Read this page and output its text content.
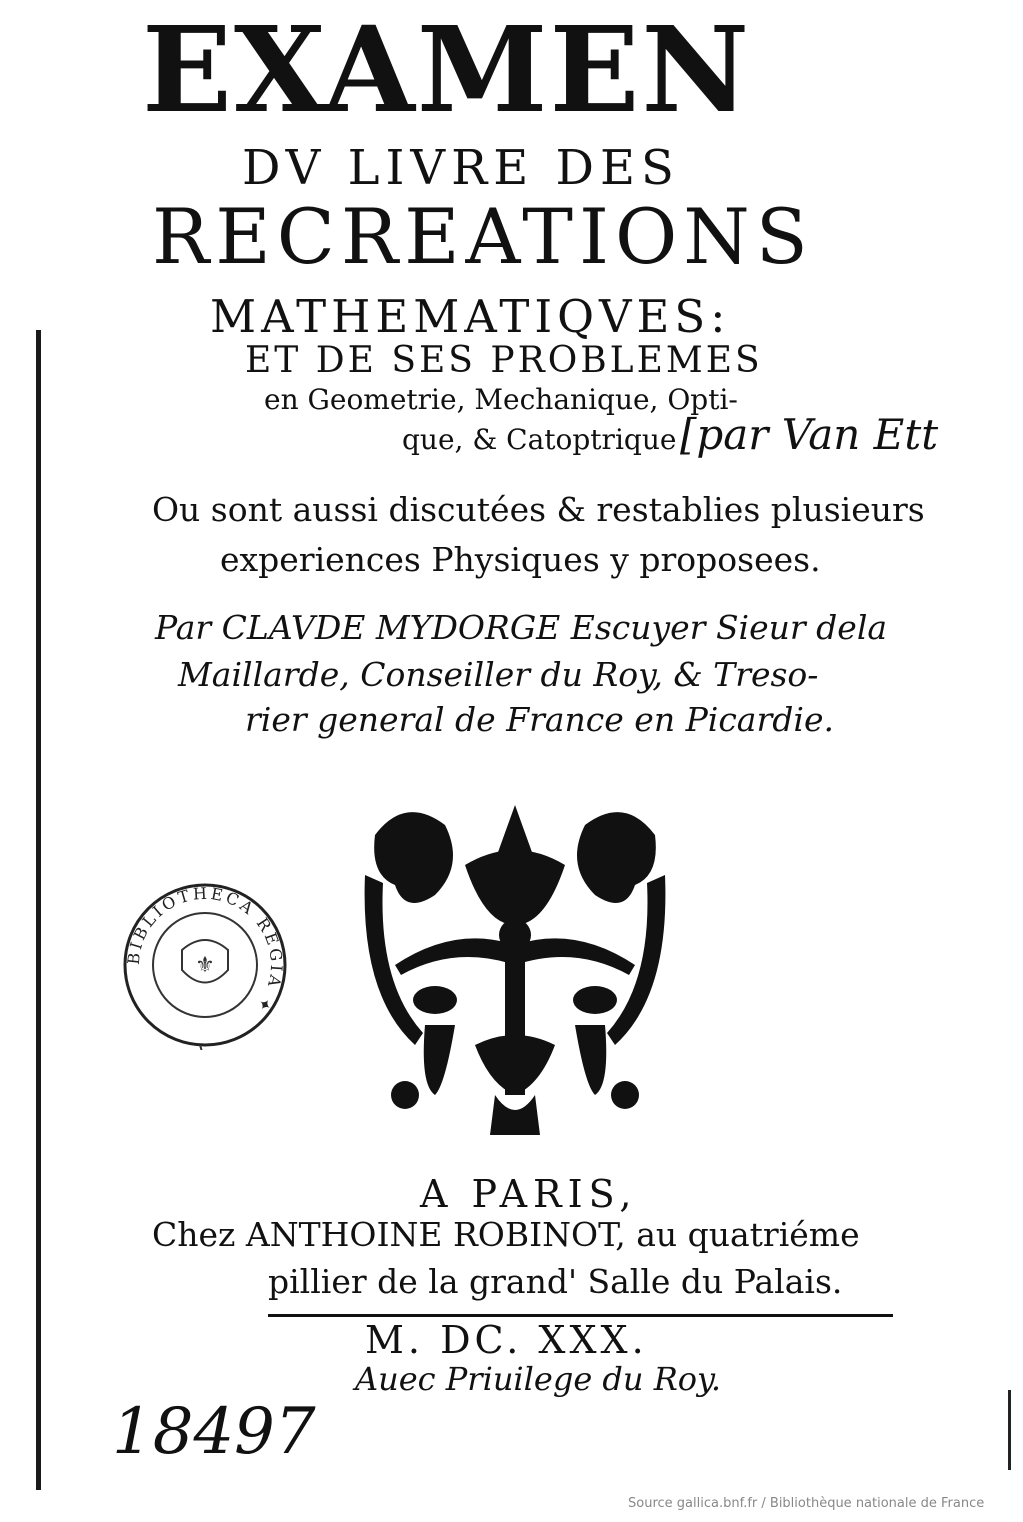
EXAMEN
DV LIVRE DES
RECREATIONS
MATHEMATIQVES:
ET DE SES PROBLEMES
en Geometrie, Mechanique, Opti-
que, & Catoptrique [par Van Ett
Ou sont aussi discutées & restablies plusieurs
experiences Physiques y proposees.
Par CLAVDE MYDORGE Escuyer Sieur dela
Maillarde, Conseiller du Roy, & Treso-
rier general de France en Picardie.
BIBLIOTHECA REGIA ✦
⚜
A PARIS,
Chez ANTHOINE ROBINOT, au quatriéme
pillier de la grand' Salle du Palais.
M. DC. XXX.
Auec Priuilege du Roy.
18497
Source gallica.bnf.fr / Bibliothèque nationale de France
